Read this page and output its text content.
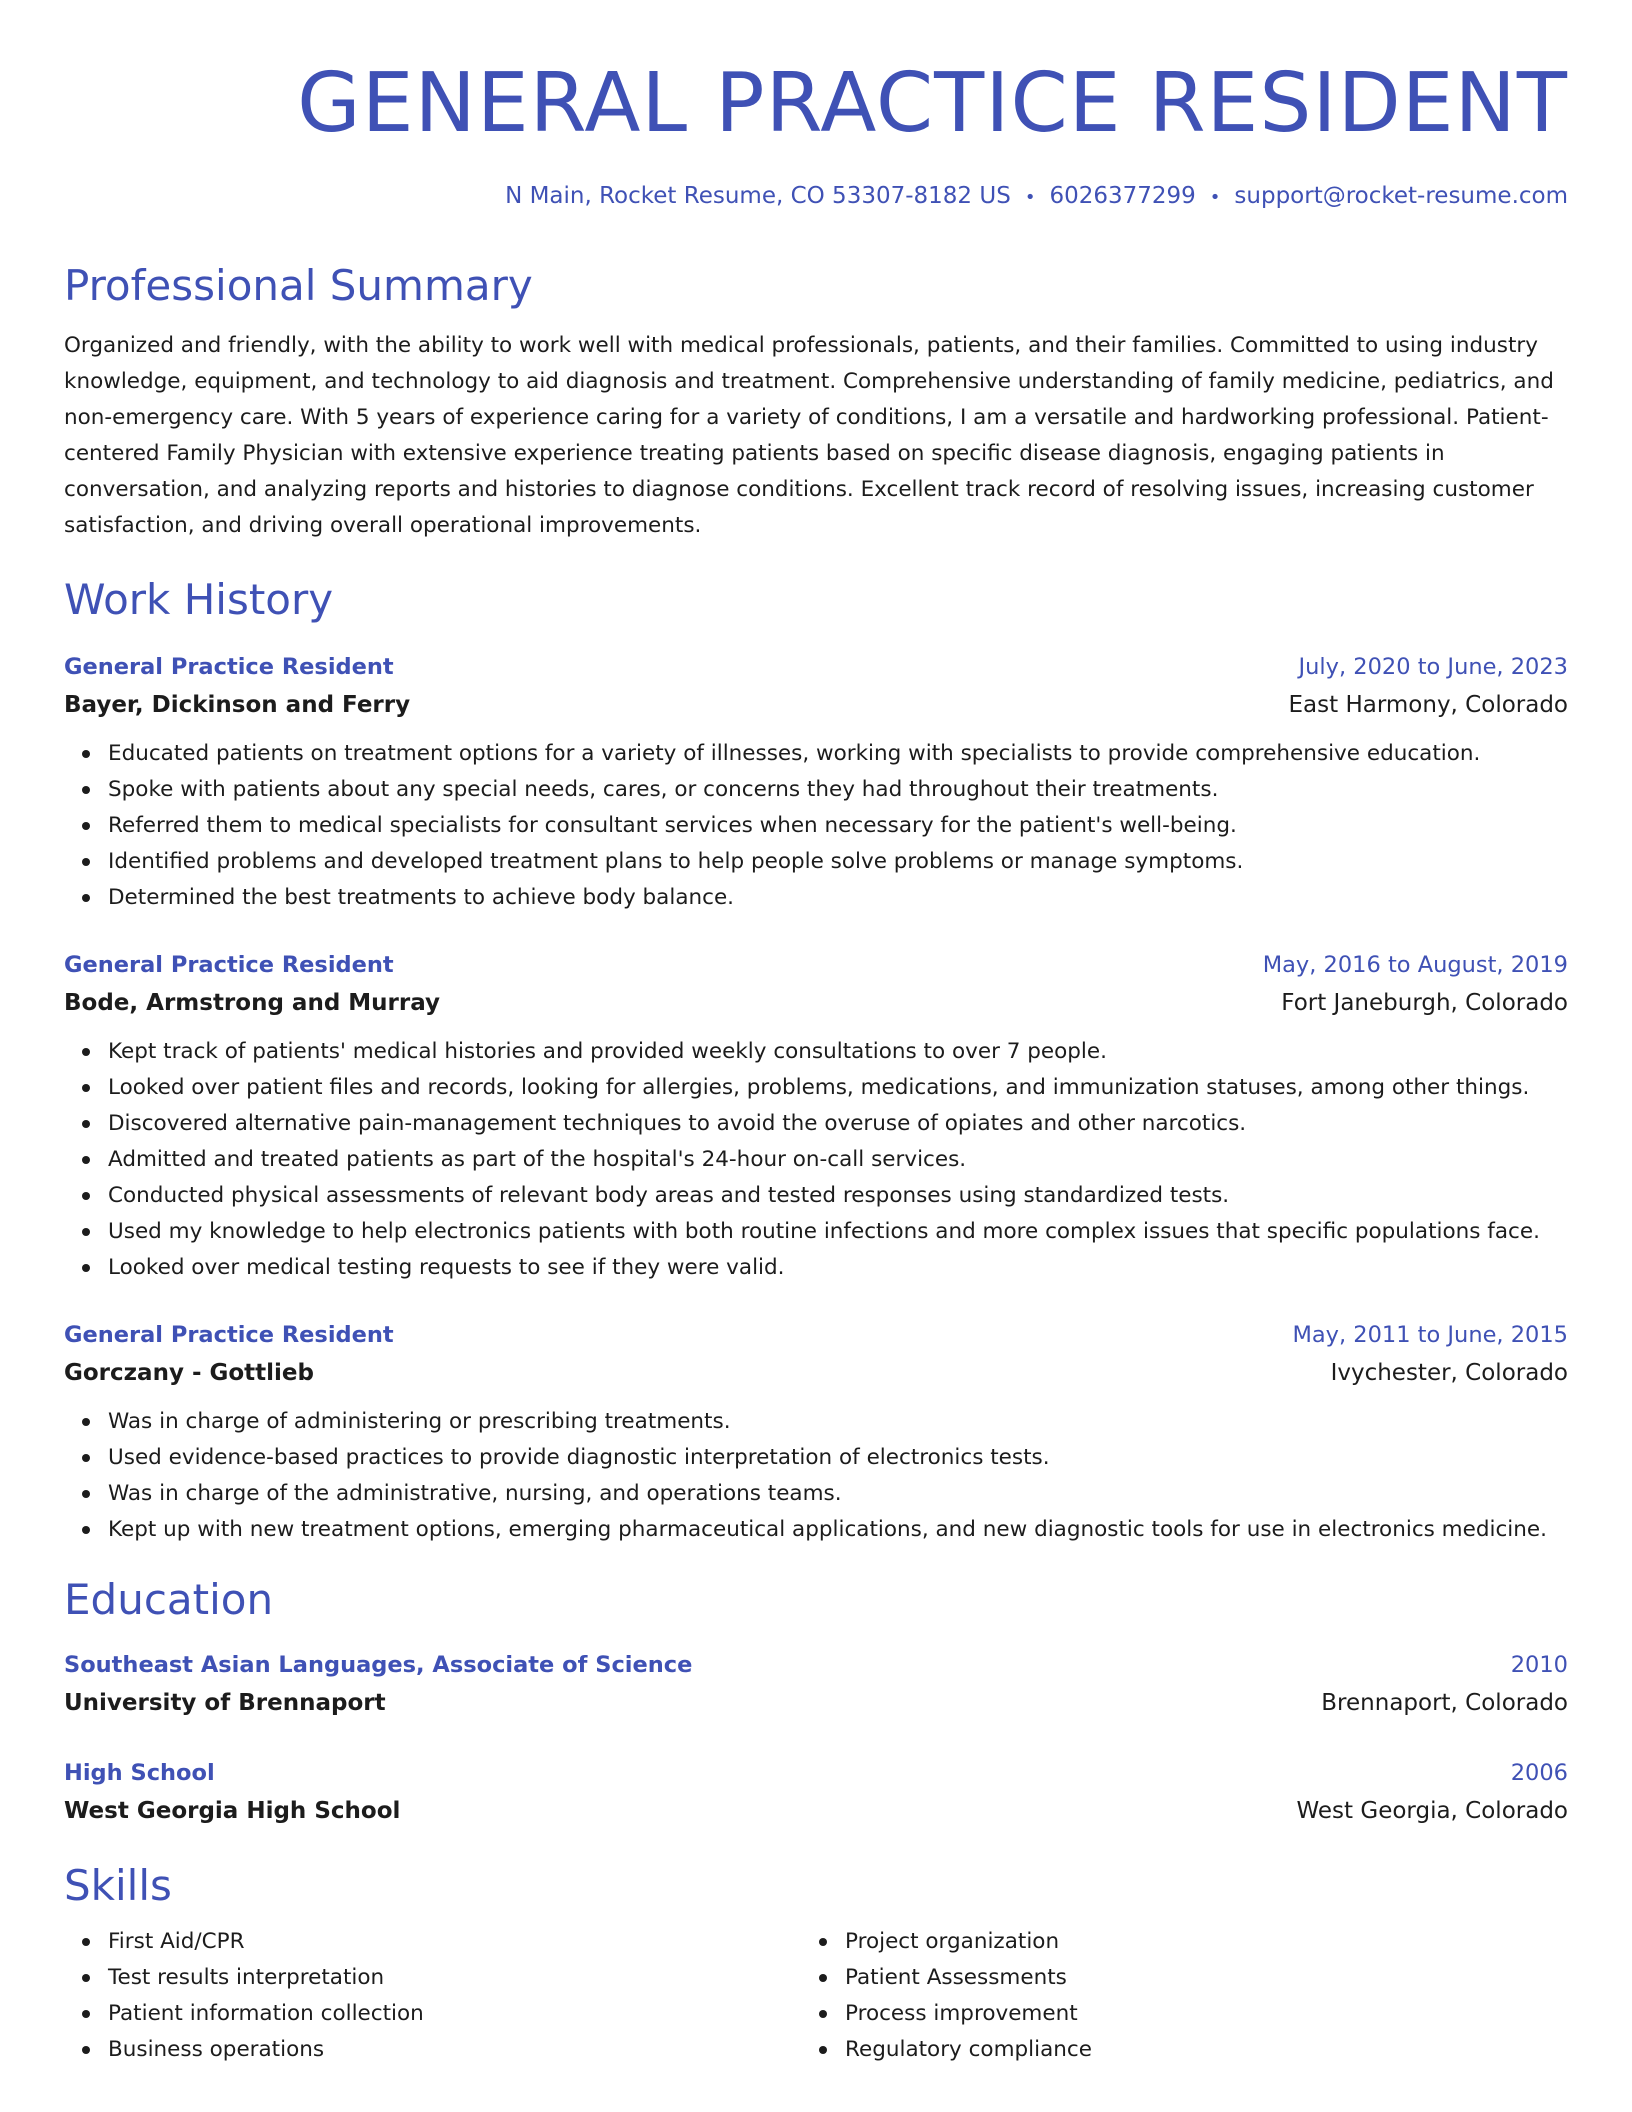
GENERAL PRACTICE RESIDENT
N Main, Rocket Resume, CO 53307-8182 US • 6026377299 • support@rocket-resume.com
Professional Summary
Organized and friendly, with the ability to work well with medical professionals, patients, and their families. Committed to using industry knowledge, equipment, and technology to aid diagnosis and treatment. Comprehensive understanding of family medicine, pediatrics, and non-emergency care. With 5 years of experience caring for a variety of conditions, I am a versatile and hardworking professional. Patient-centered Family Physician with extensive experience treating patients based on specific disease diagnosis, engaging patients in conversation, and analyzing reports and histories to diagnose conditions. Excellent track record of resolving issues, increasing customer satisfaction, and driving overall operational improvements.
Work History
General Practice Resident	July, 2020 to June, 2023
Bayer, Dickinson and Ferry	East Harmony, Colorado
Educated patients on treatment options for a variety of illnesses, working with specialists to provide comprehensive education.
Spoke with patients about any special needs, cares, or concerns they had throughout their treatments.
Referred them to medical specialists for consultant services when necessary for the patient's well-being.
Identified problems and developed treatment plans to help people solve problems or manage symptoms.
Determined the best treatments to achieve body balance.
General Practice Resident	May, 2016 to August, 2019
Bode, Armstrong and Murray	Fort Janeburgh, Colorado
Kept track of patients' medical histories and provided weekly consultations to over 7 people.
Looked over patient files and records, looking for allergies, problems, medications, and immunization statuses, among other things.
Discovered alternative pain-management techniques to avoid the overuse of opiates and other narcotics.
Admitted and treated patients as part of the hospital's 24-hour on-call services.
Conducted physical assessments of relevant body areas and tested responses using standardized tests.
Used my knowledge to help electronics patients with both routine infections and more complex issues that specific populations face.
Looked over medical testing requests to see if they were valid.
General Practice Resident	May, 2011 to June, 2015
Gorczany - Gottlieb	Ivychester, Colorado
Was in charge of administering or prescribing treatments.
Used evidence-based practices to provide diagnostic interpretation of electronics tests.
Was in charge of the administrative, nursing, and operations teams.
Kept up with new treatment options, emerging pharmaceutical applications, and new diagnostic tools for use in electronics medicine.
Education
Southeast Asian Languages, Associate of Science	2010
University of Brennaport	Brennaport, Colorado
High School	2006
West Georgia High School	West Georgia, Colorado
Skills
First Aid/CPR
Test results interpretation
Patient information collection
Business operations
Project organization
Patient Assessments
Process improvement
Regulatory compliance
